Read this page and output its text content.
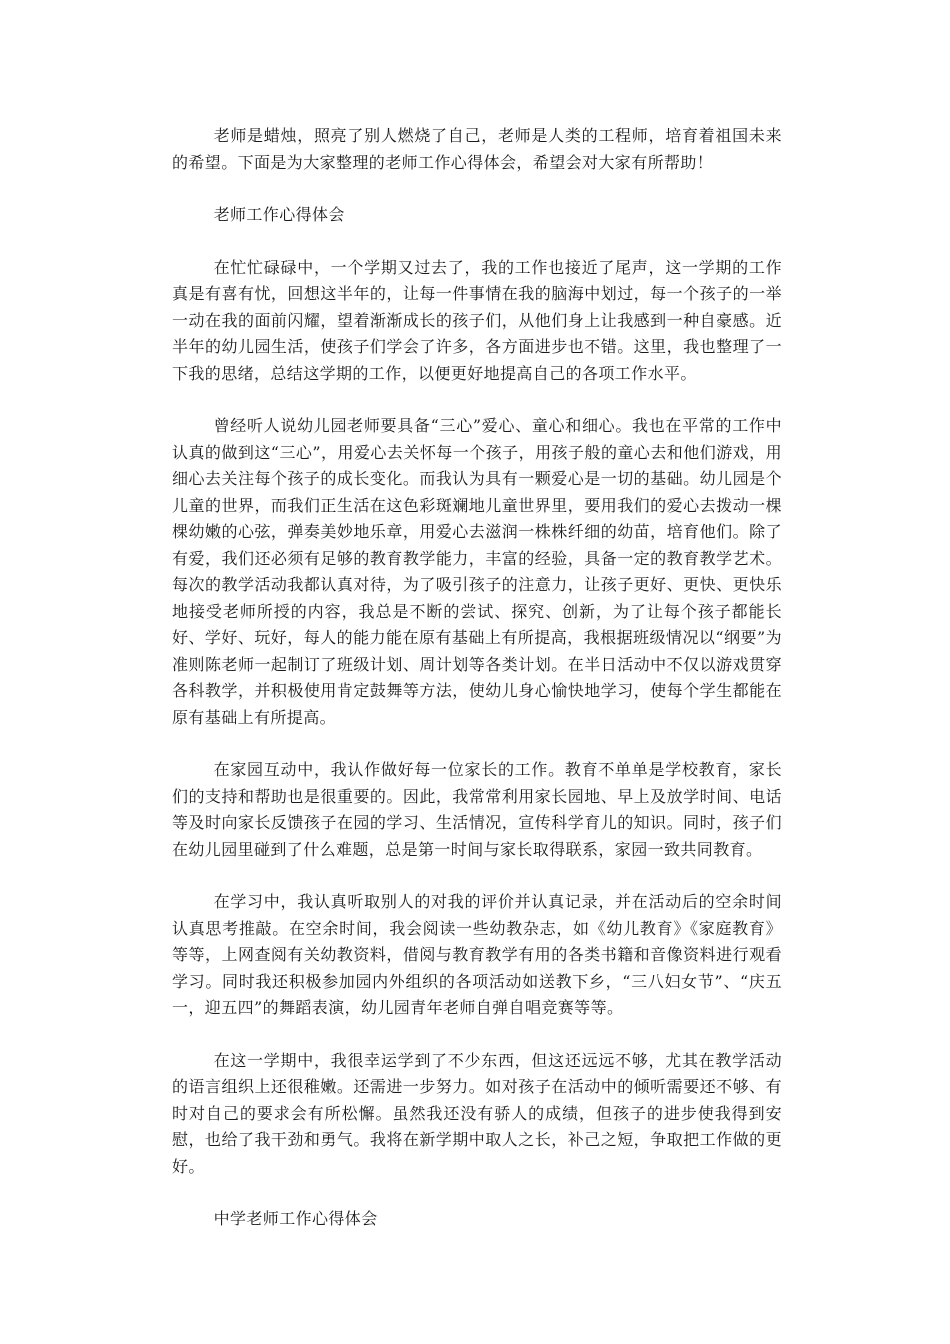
老师是蜡烛，照亮了别人燃烧了自己，老师是人类的工程师，培育着祖国未来的希望。下面是为大家整理的老师工作心得体会，希望会对大家有所帮助！

老师工作心得体会

在忙忙碌碌中，一个学期又过去了，我的工作也接近了尾声，这一学期的工作真是有喜有忧，回想这半年的，让每一件事情在我的脑海中划过，每一个孩子的一举一动在我的面前闪耀，望着渐渐成长的孩子们，从他们身上让我感到一种自豪感。近半年的幼儿园生活，使孩子们学会了许多，各方面进步也不错。这里，我也整理了一下我的思绪，总结这学期的工作，以便更好地提高自己的各项工作水平。

曾经听人说幼儿园老师要具备“三心”爱心、童心和细心。我也在平常的工作中认真的做到这“三心”，用爱心去关怀每一个孩子，用孩子般的童心去和他们游戏，用细心去关注每个孩子的成长变化。而我认为具有一颗爱心是一切的基础。幼儿园是个儿童的世界，而我们正生活在这色彩斑斓地儿童世界里，要用我们的爱心去拨动一棵棵幼嫩的心弦，弹奏美妙地乐章，用爱心去滋润一株株纤细的幼苗，培育他们。除了有爱，我们还必须有足够的教育教学能力，丰富的经验，具备一定的教育教学艺术。每次的教学活动我都认真对待，为了吸引孩子的注意力，让孩子更好、更快、更快乐地接受老师所授的内容，我总是不断的尝试、探究、创新，为了让每个孩子都能长好、学好、玩好，每人的能力能在原有基础上有所提高，我根据班级情况以“纲要”为准则陈老师一起制订了班级计划、周计划等各类计划。在半日活动中不仅以游戏贯穿各科教学，并积极使用肯定鼓舞等方法，使幼儿身心愉快地学习，使每个学生都能在原有基础上有所提高。

在家园互动中，我认作做好每一位家长的工作。教育不单单是学校教育，家长们的支持和帮助也是很重要的。因此，我常常利用家长园地、早上及放学时间、电话等及时向家长反馈孩子在园的学习、生活情况，宣传科学育儿的知识。同时，孩子们在幼儿园里碰到了什么难题，总是第一时间与家长取得联系，家园一致共同教育。

在学习中，我认真听取别人的对我的评价并认真记录，并在活动后的空余时间认真思考推敲。在空余时间，我会阅读一些幼教杂志，如《幼儿教育》《家庭教育》等等，上网查阅有关幼教资料，借阅与教育教学有用的各类书籍和音像资料进行观看学习。同时我还积极参加园内外组织的各项活动如送教下乡，“三八妇女节”、“庆五一，迎五四”的舞蹈表演，幼儿园青年老师自弹自唱竞赛等等。

在这一学期中，我很幸运学到了不少东西，但这还远远不够，尤其在教学活动的语言组织上还很稚嫩。还需进一步努力。如对孩子在活动中的倾听需要还不够、有时对自己的要求会有所松懈。虽然我还没有骄人的成绩，但孩子的进步使我得到安慰，也给了我干劲和勇气。我将在新学期中取人之长，补己之短，争取把工作做的更好。

中学老师工作心得体会
